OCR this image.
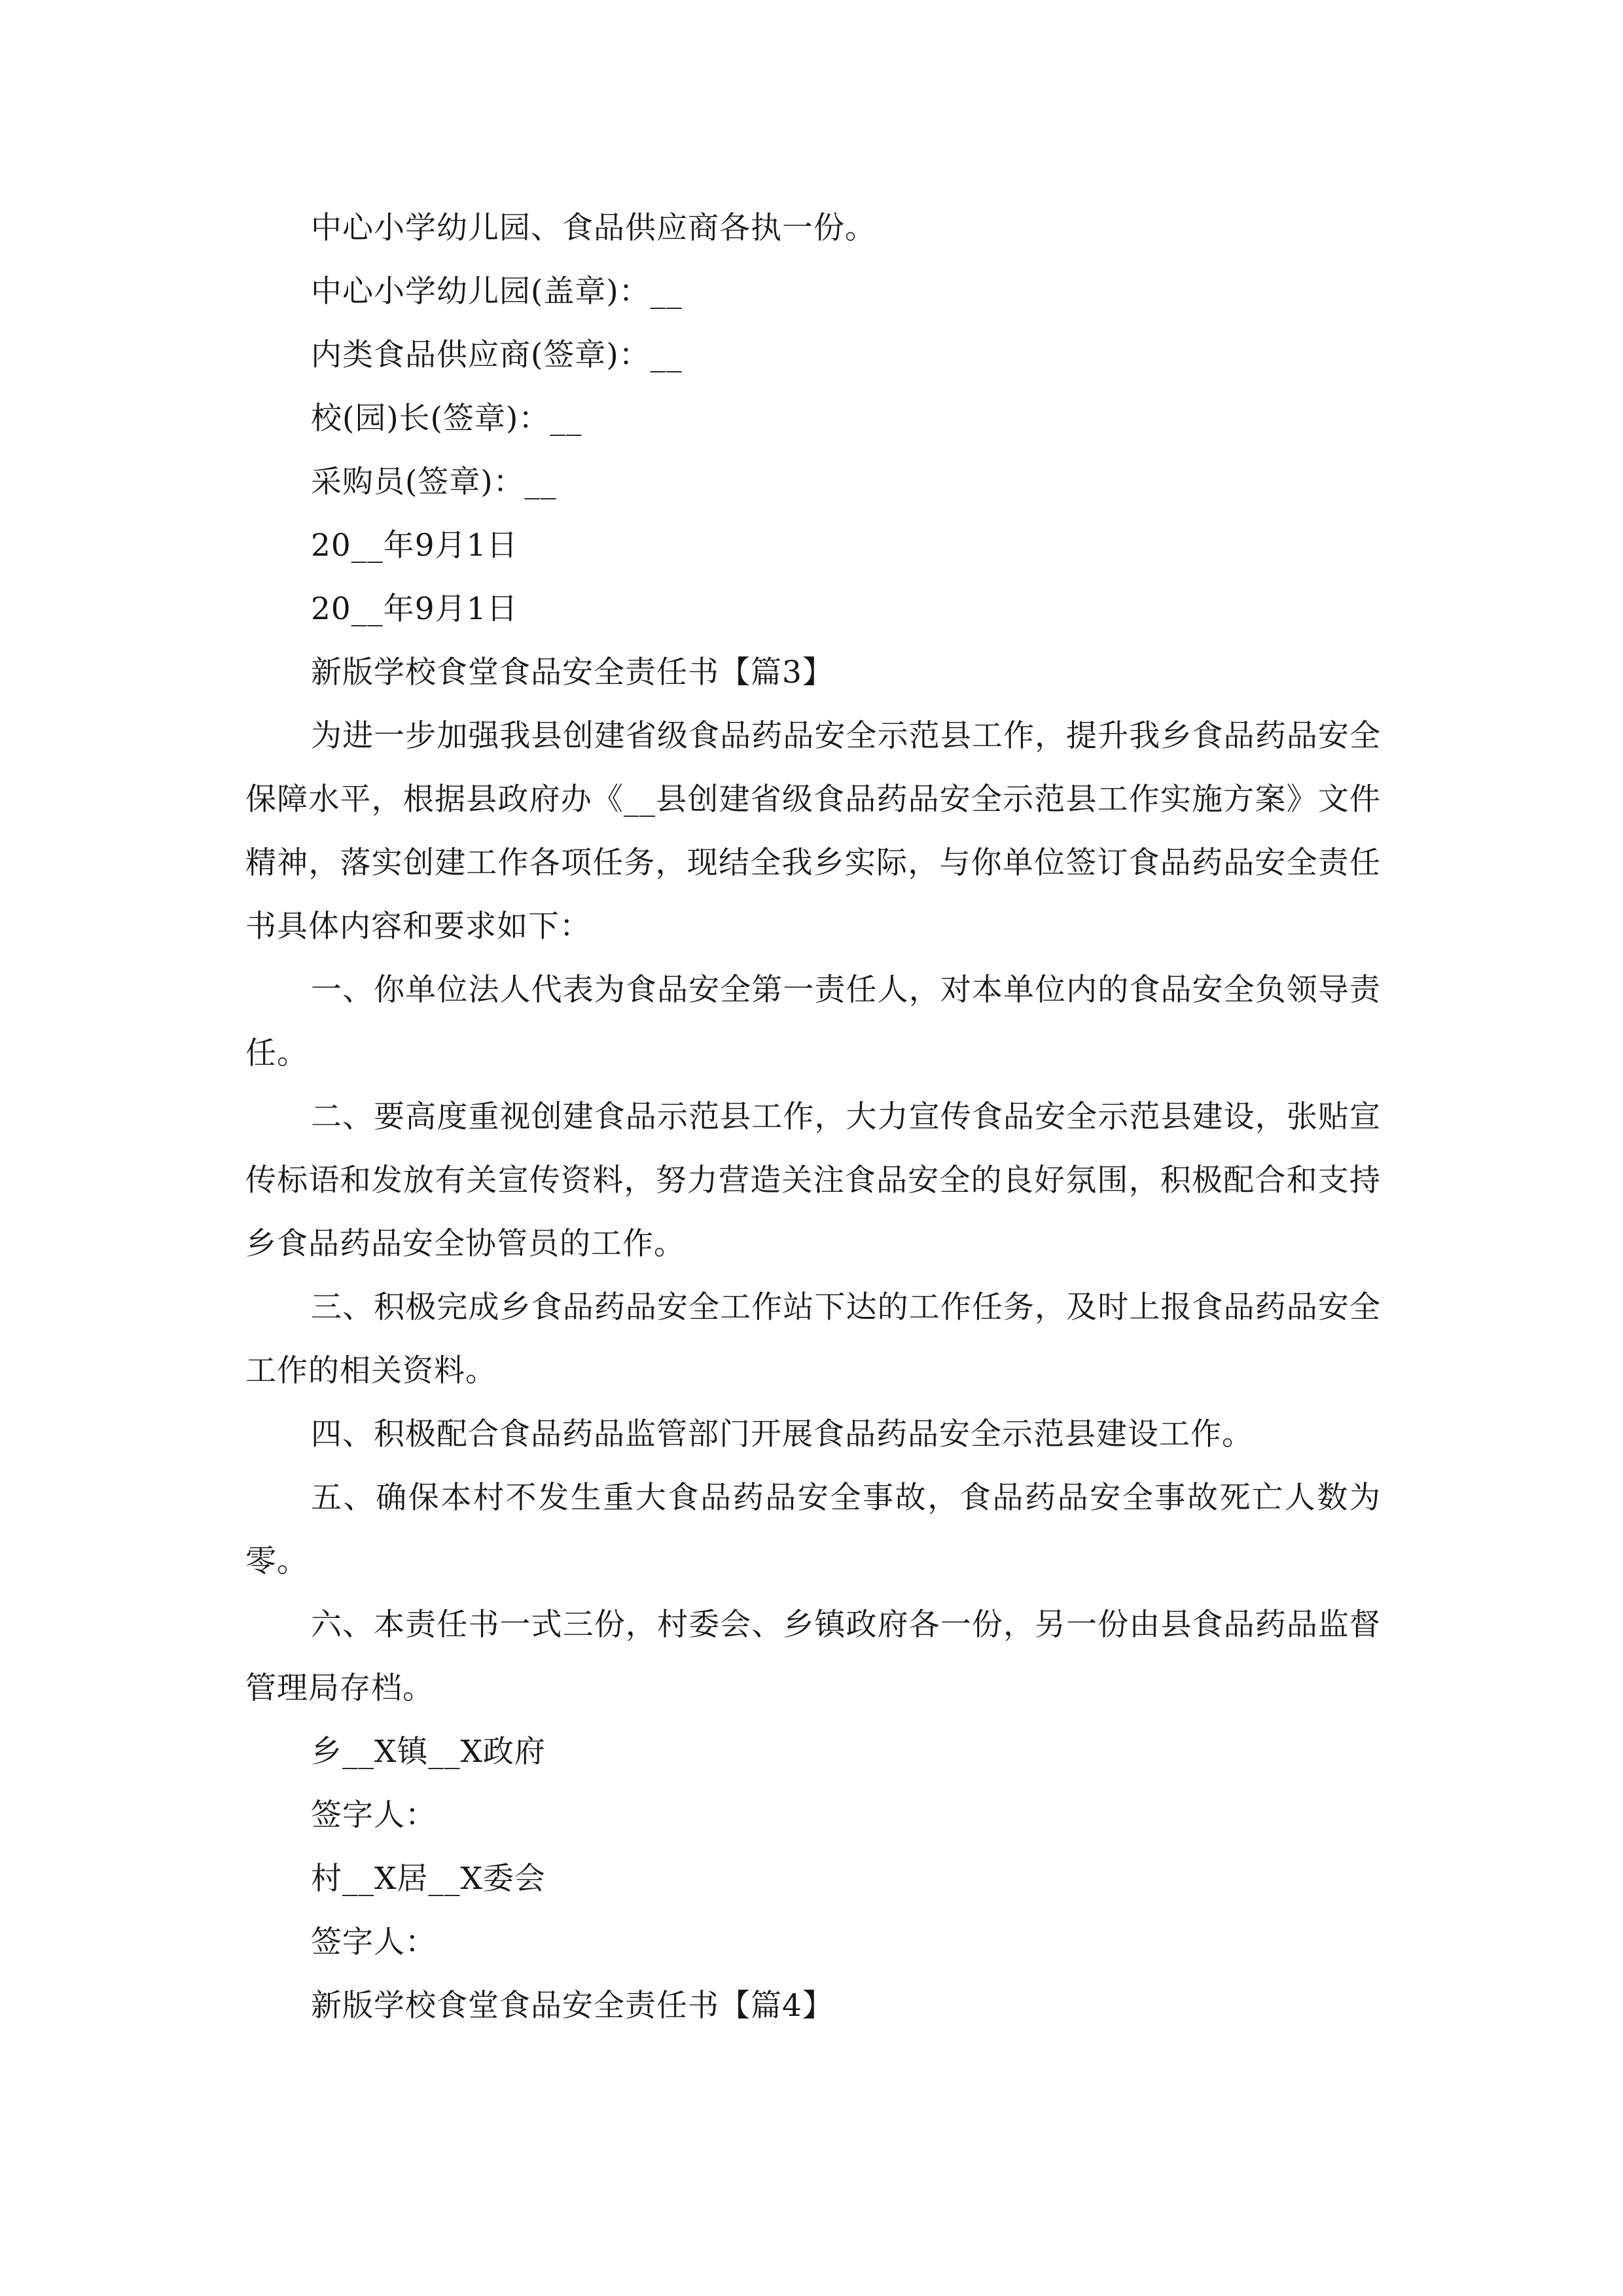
中心小学幼儿园、食品供应商各执一份。
中心小学幼儿园(盖章)：__
内类食品供应商(签章)：__
校(园)长(签章)：__
采购员(签章)：__
20__年9月1日
20__年9月1日
新版学校食堂食品安全责任书【篇3】
为进一步加强我县创建省级食品药品安全示范县工作，提升我乡食品药品安全保障水平，根据县政府办《__县创建省级食品药品安全示范县工作实施方案》文件精神，落实创建工作各项任务，现结全我乡实际，与你单位签订食品药品安全责任书具体内容和要求如下：
一、你单位法人代表为食品安全第一责任人，对本单位内的食品安全负领导责任。
二、要高度重视创建食品示范县工作，大力宣传食品安全示范县建设，张贴宣传标语和发放有关宣传资料，努力营造关注食品安全的良好氛围，积极配合和支持乡食品药品安全协管员的工作。
三、积极完成乡食品药品安全工作站下达的工作任务，及时上报食品药品安全工作的相关资料。
四、积极配合食品药品监管部门开展食品药品安全示范县建设工作。
五、确保本村不发生重大食品药品安全事故，食品药品安全事故死亡人数为零。
六、本责任书一式三份，村委会、乡镇政府各一份，另一份由县食品药品监督管理局存档。
乡__X镇__X政府
签字人：
村__X居__X委会
签字人：
新版学校食堂食品安全责任书【篇4】
